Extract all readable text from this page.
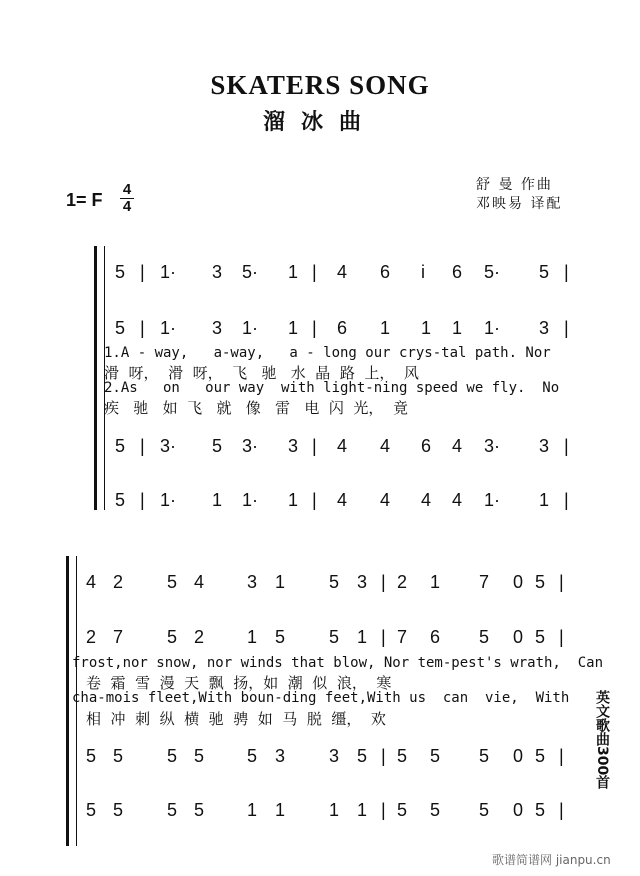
SKATERS SONG
溜冰曲
1= F
4
4
舒 曼 作曲
邓映易 译配
5 | 1· 3 5· 1 | 4 6 i 6 5· 5 |
5 | 1· 3 1· 1 | 6 1 1 1 1· 3 |
1.A - way,   a-way,   a - long our crys-tal path. Nor
滑  呀，  滑  呀，  飞   驰   水  晶  路  上，  风
2.As   on   our way  with light-ning speed we fly.  No
疾   驰   如  飞   就   像   雷   电  闪  光，  竟
5 | 3· 5 3· 3 | 4 4 6 4 3· 3 |
5 | 1· 1 1· 1 | 4 4 4 4 1· 1 |
4 2 5 4 3 1 5 3 | 2 1 7 0 5 |
2 7 5 2 1 5 5 1 | 7 6 5 0 5 |
frost,nor snow, nor winds that blow, Nor tem-pest's wrath,  Can
卷  霜  雪  漫  天  飘  扬，如  潮  似  浪，  寒
cha-mois fleet,With boun-ding feet,With us  can  vie,  With
相  冲  刺  纵  横  驰  骋  如  马  脱  缰，  欢
5 5 5 5 5 3 3 5 | 5 5 5 0 5 |
5 5 5 5 1 1 1 1 | 5 5 5 0 5 |
英文歌曲300首
歌谱简谱网 jianpu.cn
